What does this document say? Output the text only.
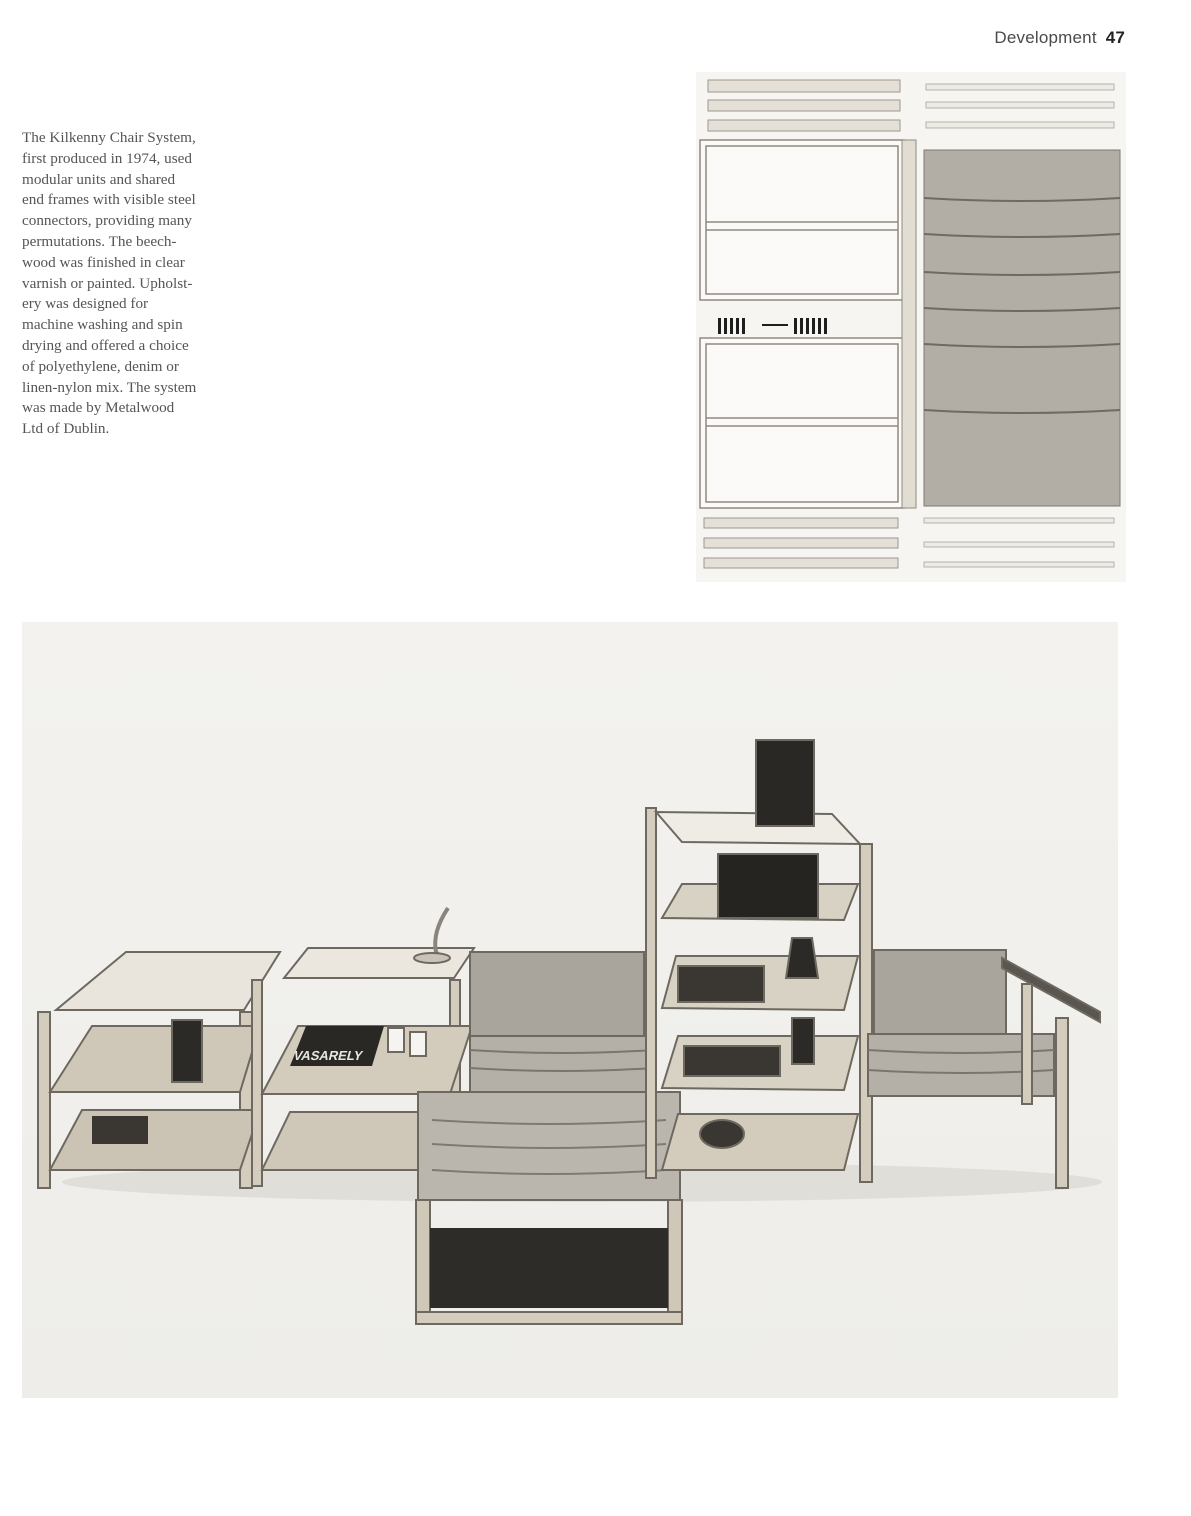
Development 47
The Kilkenny Chair System,
first produced in 1974, used
modular units and shared
end frames with visible steel
connectors, providing many
permutations. The beech-
wood was finished in clear
varnish or painted. Upholst-
ery was designed for
machine washing and spin
drying and offered a choice
of polyethylene, denim or
linen-nylon mix. The system
was made by Metalwood
Ltd of Dublin.
VASARELY
